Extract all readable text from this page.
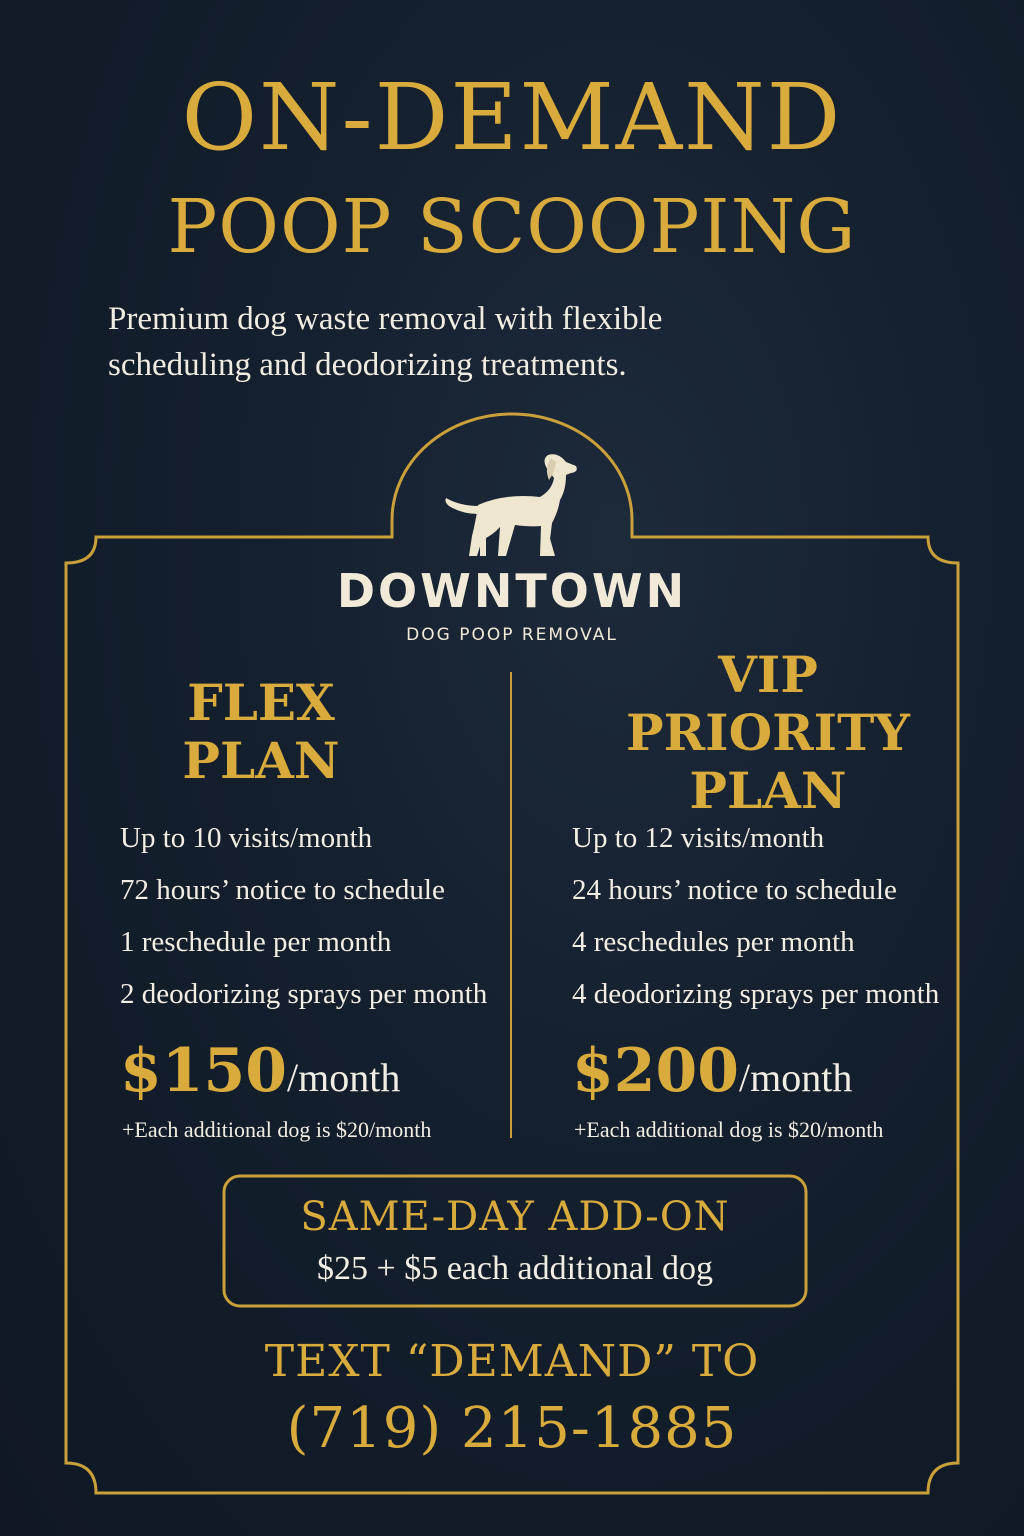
ON-DEMAND
POOP SCOOPING
Premium dog waste removal with flexible
scheduling and deodorizing treatments.
DOWNTOWN
DOG POOP REMOVAL
FLEX
PLAN
Up to 10 visits/month
72 hours’ notice to schedule
1 reschedule per month
2 deodorizing sprays per month
$150/month
+Each additional dog is $20/month
VIP
PRIORITY
PLAN
Up to 12 visits/month
24 hours’ notice to schedule
4 reschedules per month
4 deodorizing sprays per month
$200/month
+Each additional dog is $20/month
SAME-DAY ADD-ON
$25 + $5 each additional dog
TEXT “DEMAND” TO
(719) 215-1885
